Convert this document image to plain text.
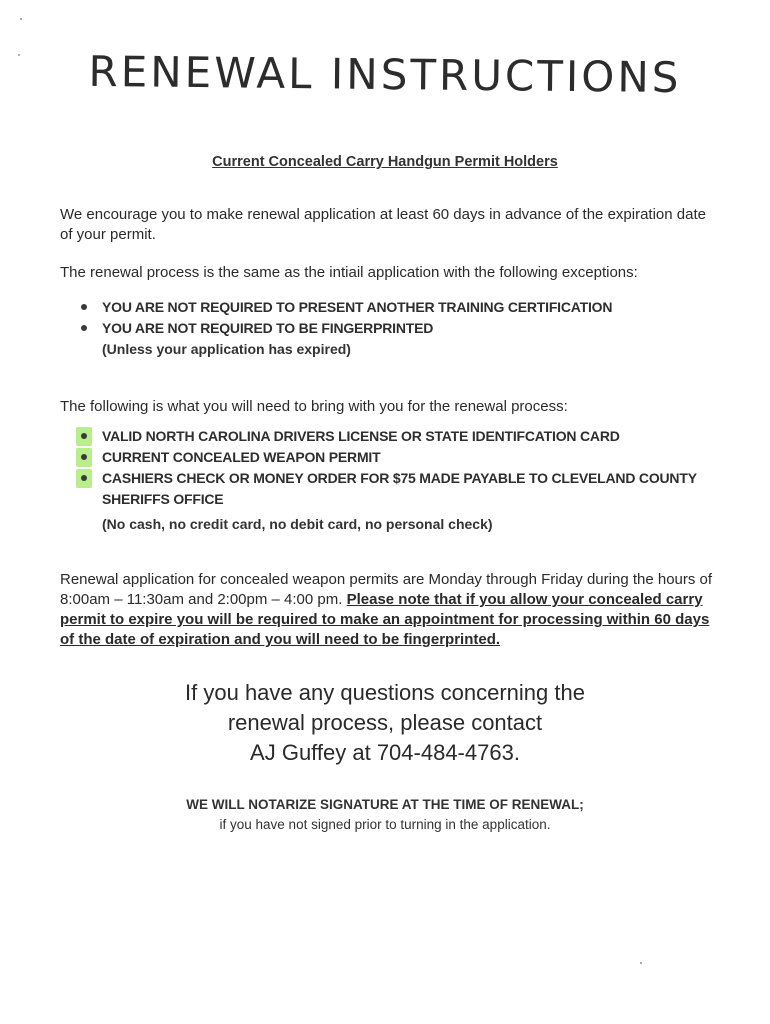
RENEWAL INSTRUCTIONS
Current Concealed Carry Handgun Permit Holders
We encourage you to make renewal application at least 60 days in advance of the expiration date of your permit.
The renewal process is the same as the intiail application with the following exceptions:
YOU ARE NOT REQUIRED TO PRESENT ANOTHER TRAINING CERTIFICATION
YOU ARE NOT REQUIRED TO BE FINGERPRINTED
(Unless your application has expired)
The following is what you will need to bring with you for the renewal process:
VALID NORTH CAROLINA DRIVERS LICENSE OR STATE IDENTIFCATION CARD
CURRENT CONCEALED WEAPON PERMIT
CASHIERS CHECK OR MONEY ORDER FOR $75 MADE PAYABLE TO CLEVELAND COUNTY SHERIFFS OFFICE
(No cash, no credit card, no debit card, no personal check)
Renewal application for concealed weapon permits are Monday through Friday during the hours of 8:00am – 11:30am and 2:00pm – 4:00 pm. Please note that if you allow your concealed carry permit to expire you will be required to make an appointment for processing within 60 days of the date of expiration and you will need to be fingerprinted.
If you have any questions concerning the
renewal process, please contact
AJ Guffey at 704-484-4763.
WE WILL NOTARIZE SIGNATURE AT THE TIME OF RENEWAL;
if you have not signed prior to turning in the application.
